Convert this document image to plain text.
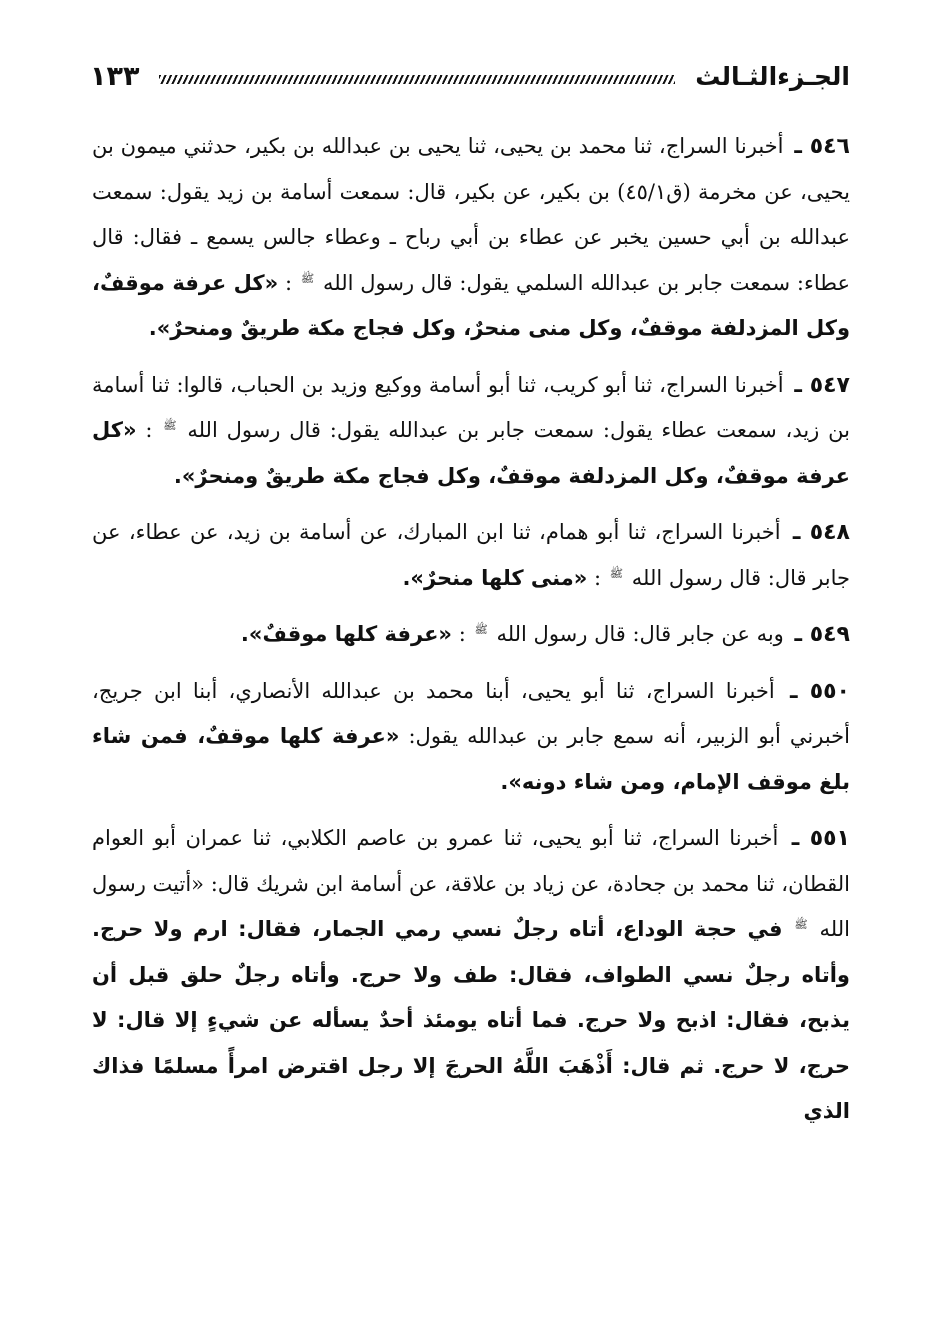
الجـزءالثـالث
١٣٣

٥٤٦ ـ أخبرنا السراج، ثنا محمد بن يحيى، ثنا يحيى بن عبدالله بن بكير، حدثني ميمون بن يحيى، عن مخرمة (ق٤٥/١) بن بكير، عن بكير، قال: سمعت أسامة بن زيد يقول: سمعت عبدالله بن أبي حسين يخبر عن عطاء بن أبي رباح ـ وعطاء جالس يسمع ـ فقال: قال عطاء: سمعت جابر بن عبدالله السلمي يقول: قال رسول الله ﷺ : «كل عرفة موقفٌ، وكل المزدلفة موقفٌ، وكل منى منحرٌ، وكل فجاج مكة طريقٌ ومنحرٌ».

٥٤٧ ـ أخبرنا السراج، ثنا أبو كريب، ثنا أبو أسامة ووكيع وزيد بن الحباب، قالوا: ثنا أسامة بن زيد، سمعت عطاء يقول: سمعت جابر بن عبدالله يقول: قال رسول الله ﷺ : «كل عرفة موقفٌ، وكل المزدلفة موقفٌ، وكل فجاج مكة طريقٌ ومنحرٌ».

٥٤٨ ـ أخبرنا السراج، ثنا أبو همام، ثنا ابن المبارك، عن أسامة بن زيد، عن عطاء، عن جابر قال: قال رسول الله ﷺ : «منى كلها منحرٌ».

٥٤٩ ـ وبه عن جابر قال: قال رسول الله ﷺ : «عرفة كلها موقفٌ».

٥٥٠ ـ أخبرنا السراج، ثنا أبو يحيى، أبنا محمد بن عبدالله الأنصاري، أبنا ابن جريج، أخبرني أبو الزبير، أنه سمع جابر بن عبدالله يقول: «عرفة كلها موقفٌ، فمن شاء بلغ موقف الإمام، ومن شاء دونه».

٥٥١ ـ أخبرنا السراج، ثنا أبو يحيى، ثنا عمرو بن عاصم الكلابي، ثنا عمران أبو العوام القطان، ثنا محمد بن جحادة، عن زياد بن علاقة، عن أسامة ابن شريك قال: «أتيت رسول الله ﷺ في حجة الوداع، أتاه رجلٌ نسي رمي الجمار، فقال: ارم ولا حرج. وأتاه رجلٌ نسي الطواف، فقال: طف ولا حرج. وأتاه رجلٌ حلق قبل أن يذبح، فقال: اذبح ولا حرج. فما أتاه يومئذ أحدٌ يسأله عن شيءٍ إلا قال: لا حرج، لا حرج. ثم قال: أَذْهَبَ اللَّهُ الحرجَ إلا رجل اقترض امرأً مسلمًا فذاك الذي
